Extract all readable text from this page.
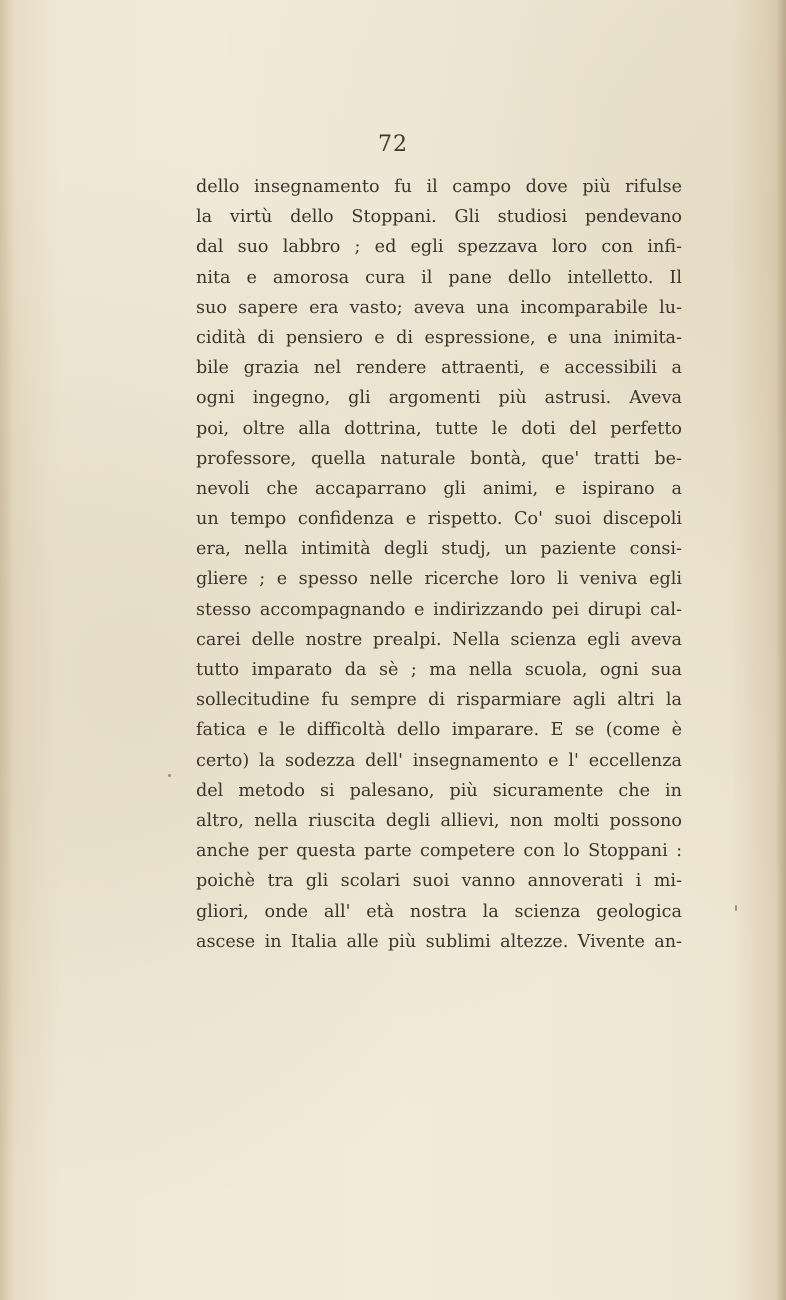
72
dello insegnamento fu il campo dove più rifulse
la virtù dello Stoppani. Gli studiosi pendevano
dal suo labbro ; ed egli spezzava loro con infi-
nita e amorosa cura il pane dello intelletto. Il
suo sapere era vasto; aveva una incomparabile lu-
cidità di pensiero e di espressione, e una inimita-
bile grazia nel rendere attraenti, e accessibili a
ogni ingegno, gli argomenti più astrusi. Aveva
poi, oltre alla dottrina, tutte le doti del perfetto
professore, quella naturale bontà, que' tratti be-
nevoli che accaparrano gli animi, e ispirano a
un tempo confidenza e rispetto. Co' suoi discepoli
era, nella intimità degli studj, un paziente consi-
gliere ; e spesso nelle ricerche loro li veniva egli
stesso accompagnando e indirizzando pei dirupi cal-
carei delle nostre prealpi. Nella scienza egli aveva
tutto imparato da sè ; ma nella scuola, ogni sua
sollecitudine fu sempre di risparmiare agli altri la
fatica e le difficoltà dello imparare. E se (come è
certo) la sodezza dell' insegnamento e l' eccellenza
del metodo si palesano, più sicuramente che in
altro, nella riuscita degli allievi, non molti possono
anche per questa parte competere con lo Stoppani :
poichè tra gli scolari suoi vanno annoverati i mi-
gliori, onde all' età nostra la scienza geologica
ascese in Italia alle più sublimi altezze. Vivente an-
